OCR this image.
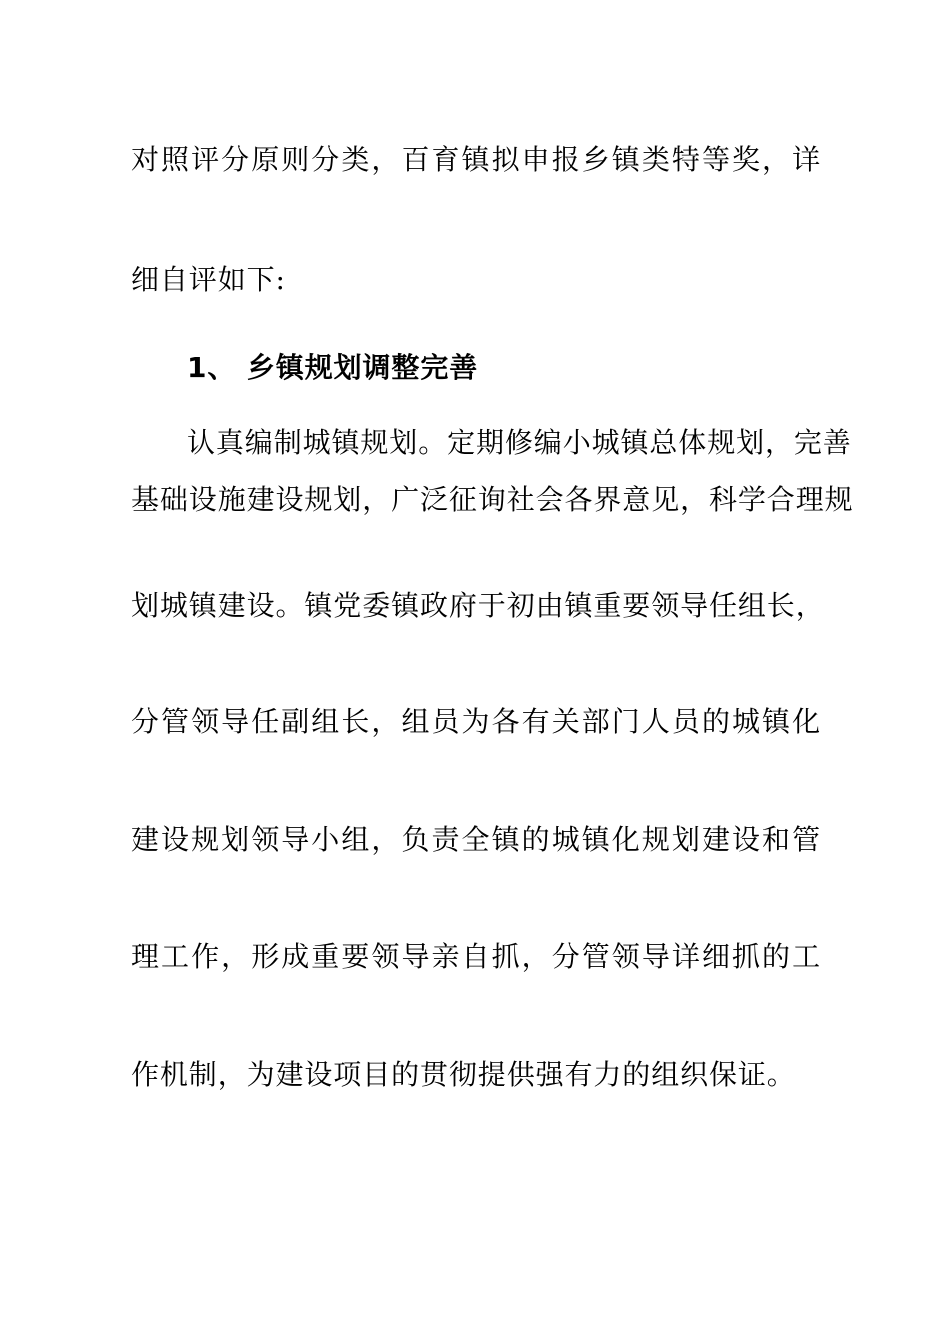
对照评分原则分类，百育镇拟申报乡镇类特等奖，详
细自评如下:
1、 乡镇规划调整完善
认真编制城镇规划。定期修编小城镇总体规划，完善
基础设施建设规划，广泛征询社会各界意见，科学合理规
划城镇建设。镇党委镇政府于初由镇重要领导任组长，
分管领导任副组长，组员为各有关部门人员的城镇化
建设规划领导小组，负责全镇的城镇化规划建设和管
理工作，形成重要领导亲自抓，分管领导详细抓的工
作机制，为建设项目的贯彻提供强有力的组织保证。
